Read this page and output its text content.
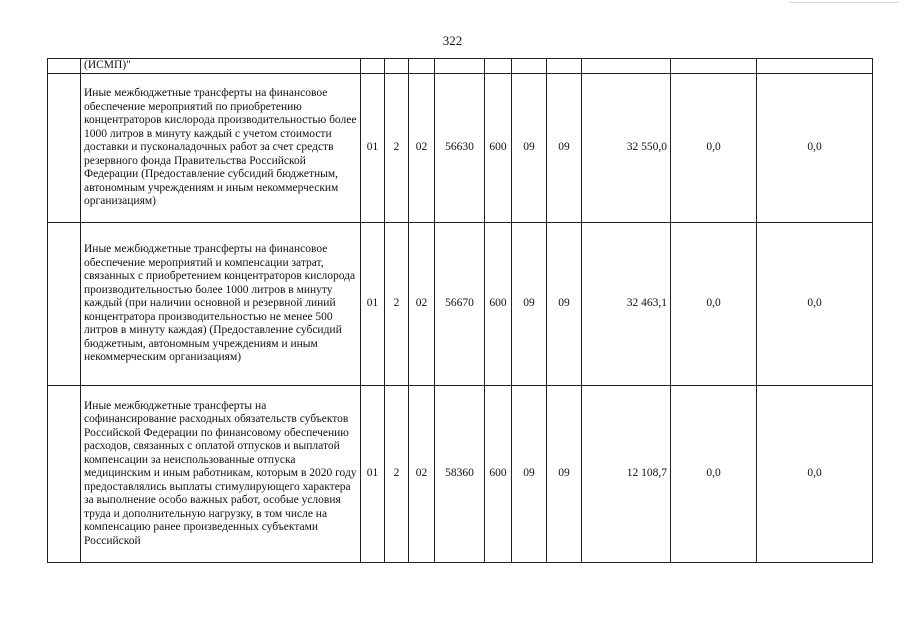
322
	(ИСМП)"										
	Иные межбюджетные трансферты на финансовое обеспечение мероприятий по приобретению концентраторов кислорода производительностью более 1000 литров в минуту каждый с учетом стоимости доставки и пусконаладочных работ за счет средств резервного фонда Правительства Российской Федерации (Предоставление субсидий бюджетным, автономным учреждениям и иным некоммерческим организациям)	01	2	02	56630	600	09	09	32 550,0	0,0	0,0
	Иные межбюджетные трансферты на финансовое обеспечение мероприятий и компенсации затрат, связанных с приобретением концентраторов кислорода производительностью более 1000 литров в минуту каждый (при наличии основной и резервной линий концентратора производительностью не менее 500 литров в минуту каждая) (Предоставление субсидий бюджетным, автономным учреждениям и иным некоммерческим организациям)	01	2	02	56670	600	09	09	32 463,1	0,0	0,0
	Иные межбюджетные трансферты на софинансирование расходных обязательств субъектов Российской Федерации по финансовому обеспечению расходов, связанных с оплатой отпусков и выплатой компенсации за неиспользованные отпуска медицинским и иным работникам, которым в 2020 году предоставлялись выплаты стимулирующего характера за выполнение особо важных работ, особые условия труда и дополнительную нагрузку, в том числе на компенсацию ранее произведенных субъектами Российской	01	2	02	58360	600	09	09	12 108,7	0,0	0,0
